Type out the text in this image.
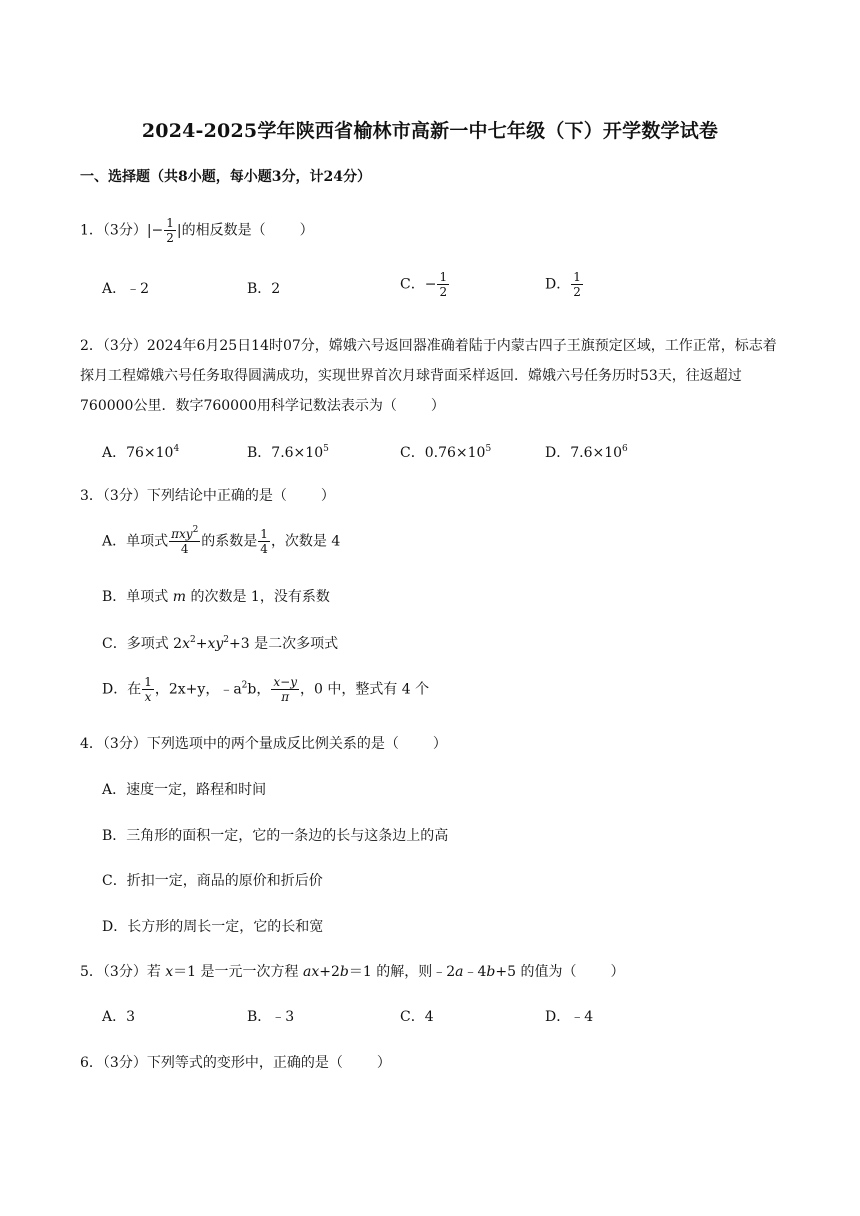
2024-2025学年陕西省榆林市高新一中七年级（下）开学数学试卷
一、选择题（共8小题，每小题3分，计24分）
1．（3分）|− $\frac{1}{2}$ |的相反数是（ ）
A．﹣2	B．2	C．− $\frac{1}{2}$	D． $\frac{1}{2}$
2．（3分）2024年6月25日14时07分，嫦娥六号返回器准确着陆于内蒙古四子王旗预定区域，工作正常，标志着探月工程嫦娥六号任务取得圆满成功，实现世界首次月球背面采样返回．嫦娥六号任务历时53天，往返超过760000公里．数字760000用科学记数法表示为（ ）
A．$76\times 10^4$	B．$7.6\times 10^5$	C．$0.76\times 10^5$	D．$7.6\times 10^6$
3．（3分）下列结论中正确的是（ ）
A．单项式 $\frac{\pi xy^2}{4}$ 的系数是 $\frac{1}{4}$ ，次数是 4
B．单项式 m 的次数是 1，没有系数
C．多项式 $2x^2+xy^2+3$ 是二次多项式
D．在 $\frac{1}{x}$ ，2x+y，$﹣a^2b$， $\frac{x-y}{\pi}$ ，0 中，整式有 4 个
4．（3分）下列选项中的两个量成反比例关系的是（ ）
A．速度一定，路程和时间
B．三角形的面积一定，它的一条边的长与这条边上的高
C．折扣一定，商品的原价和折后价
D．长方形的周长一定，它的长和宽
5．（3分）若 x＝1 是一元一次方程 ax+2b＝1 的解，则﹣2a﹣4b+5 的值为（ ）
A．3	B．﹣3	C．4	D．﹣4
6．（3分）下列等式的变形中，正确的是（ ）
